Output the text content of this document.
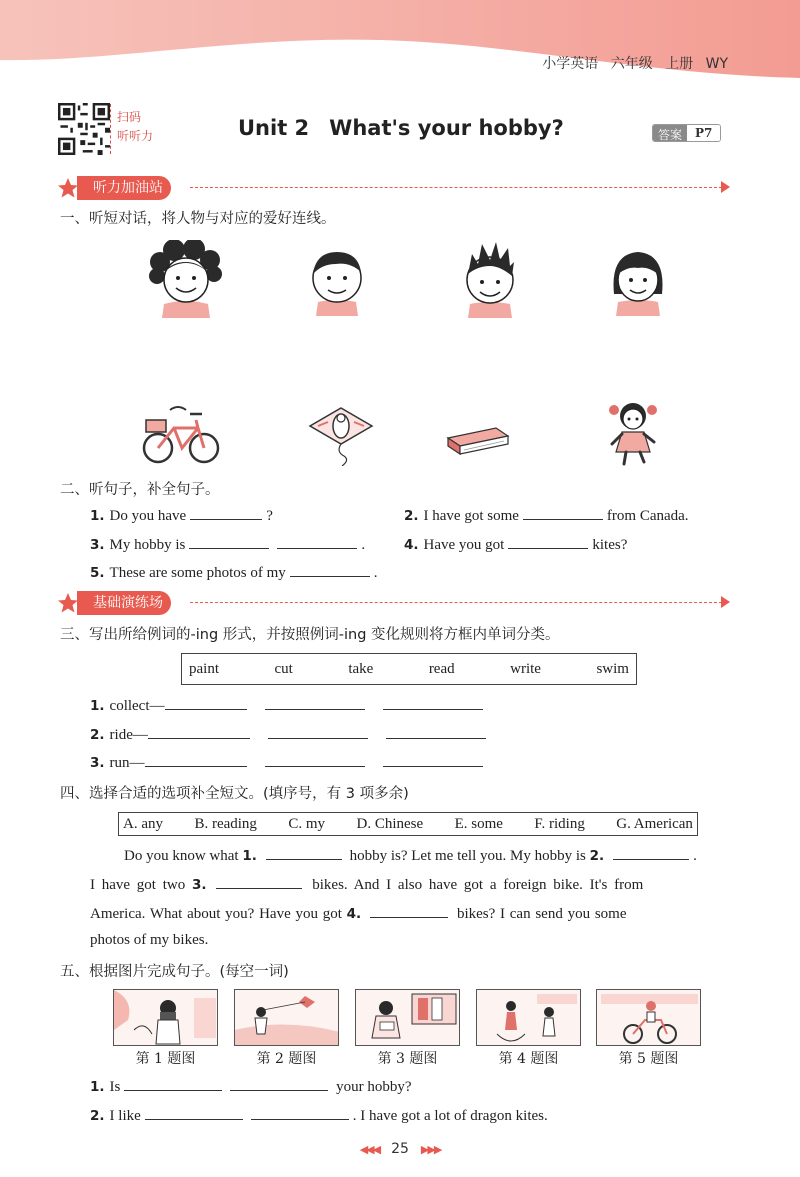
小学英语 六年级 上册 WY
扫码
听听力	Unit 2 What's your hobby?	答案	P7
听力加油站
一、听短对话，将人物与对应的爱好连线。
二、听句子，补全句子。
1. Do you have	?	2. I have got some	from Canada.
3. My hobby is	.	4. Have you got	kites?
5. These are some photos of my	.
基础演练场
三、写出所给例词的-ing 形式，并按照例词-ing 变化规则将方框内单词分类。
paint	cut	take	read	write	swim
1. collect—
2. ride—
3. run—
四、选择合适的选项补全短文。(填序号，有 3 项多余)
A. any B. reading C. my D. Chinese E. some F. riding G. American
Do you know what 1.	hobby is? Let me tell you. My hobby is 2.	.
I have got two 3.	bikes. And I also have got a foreign bike. It's from
America. What about you? Have you got 4.	bikes? I can send you some
photos of my bikes.
五、根据图片完成句子。(每空一词)
第 1 题图	第 2 题图	第 3 题图	第 4 题图	第 5 题图
1. Is	your hobby?
2. I like	. I have got a lot of dragon kites.
◀◀◀ 25 ▶▶▶
